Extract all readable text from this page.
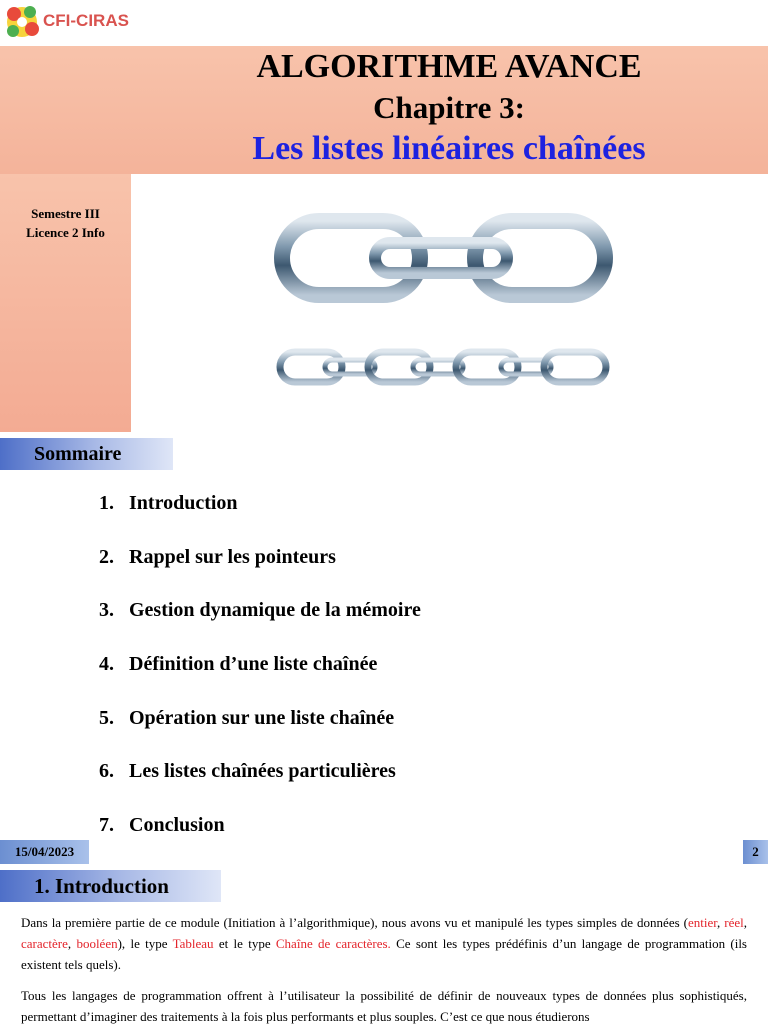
CFI-CIRAS
ALGORITHME AVANCE
Chapitre 3:
Les listes linéaires chaînées
Semestre III
Licence 2 Info
Sommaire
1. Introduction
2. Rappel sur les pointeurs
3. Gestion dynamique de la mémoire
4. Définition d’une liste chaînée
5. Opération sur une liste chaînée
6. Les listes chaînées particulières
7. Conclusion
15/04/2023	2
1. Introduction

Dans la première partie de ce module (Initiation à l’algorithmique), nous avons vu et manipulé les types simples de données (entier, réel, caractère, booléen), le type Tableau et le type Chaîne de caractères. Ce sont les types prédéfinis d’un langage de programmation (ils existent tels quels).

Tous les langages de programmation offrent à l’utilisateur la possibilité de définir de nouveaux types de données plus sophistiqués, permettant d’imaginer des traitements à la fois plus performants et plus souples. C’est ce que nous étudierons
